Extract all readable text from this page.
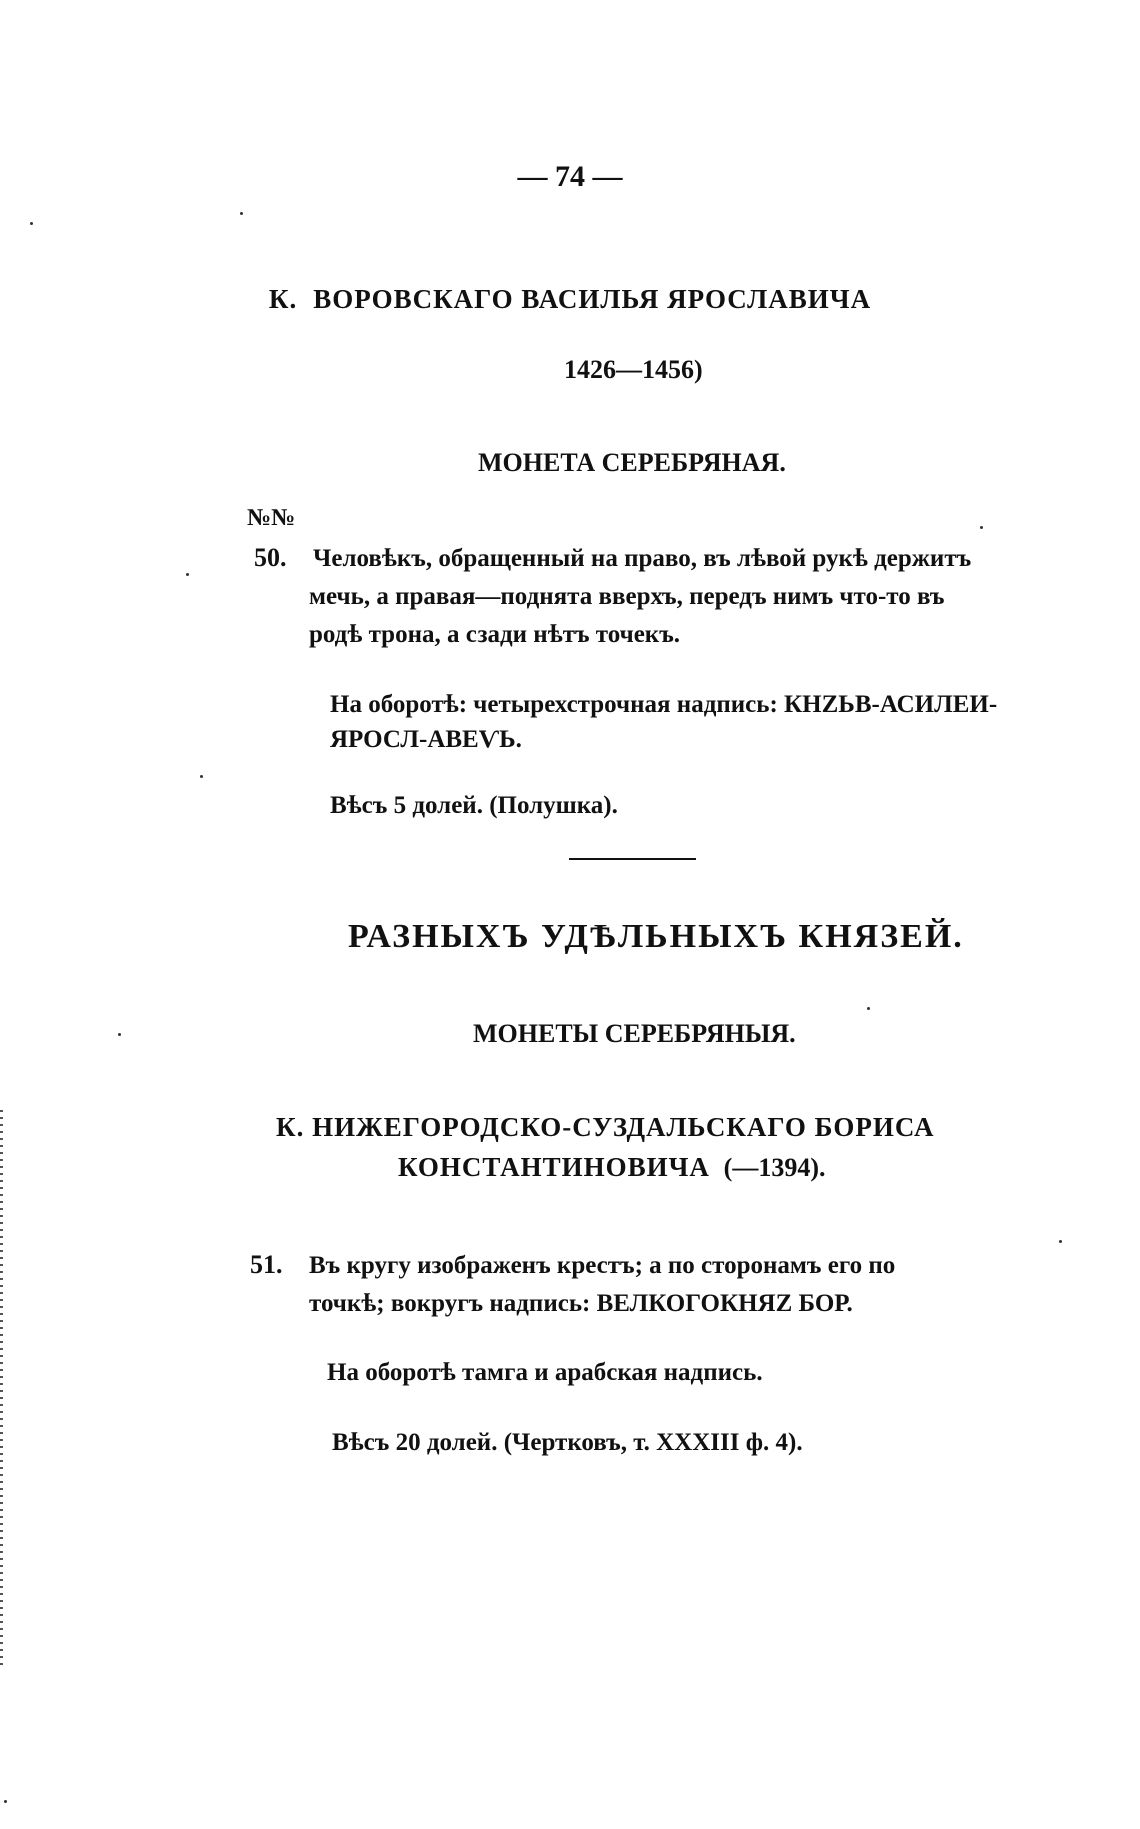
— 74 —
К. ВОРОВСКАГО ВАСИЛЬЯ ЯРОСЛАВИЧА
1426—1456)
МОНЕТА СЕРЕБРЯНАЯ.
№№
50. Человѣкъ, обращенный на право, въ лѣвой рукѣ держитъ
мечь, а правая—поднята вверхъ, передъ нимъ что-то въ
родѣ трона, а сзади нѣтъ точекъ.
На оборотѣ: четырехстрочная надпись: КНZЬВ-АСИЛЕИ-
ЯРОСЛ-АВЕѴЬ.
Вѣсъ 5 долей. (Полушка).
РАЗНЫХЪ УДѢЛЬНЫХЪ КНЯЗЕЙ.
МОНЕТЫ СЕРЕБРЯНЫЯ.
К. НИЖЕГОРОДСКО-СУЗДАЛЬСКАГО БОРИСА
КОНСТАНТИНОВИЧА (—1394).
51. Въ кругу изображенъ крестъ; а по сторонамъ его по
точкѣ; вокругъ надпись: ВЕЛКОГОКНЯZ БОР.
На оборотѣ тамга и арабская надпись.
Вѣсъ 20 долей. (Чертковъ, т. XXXIII ф. 4).
